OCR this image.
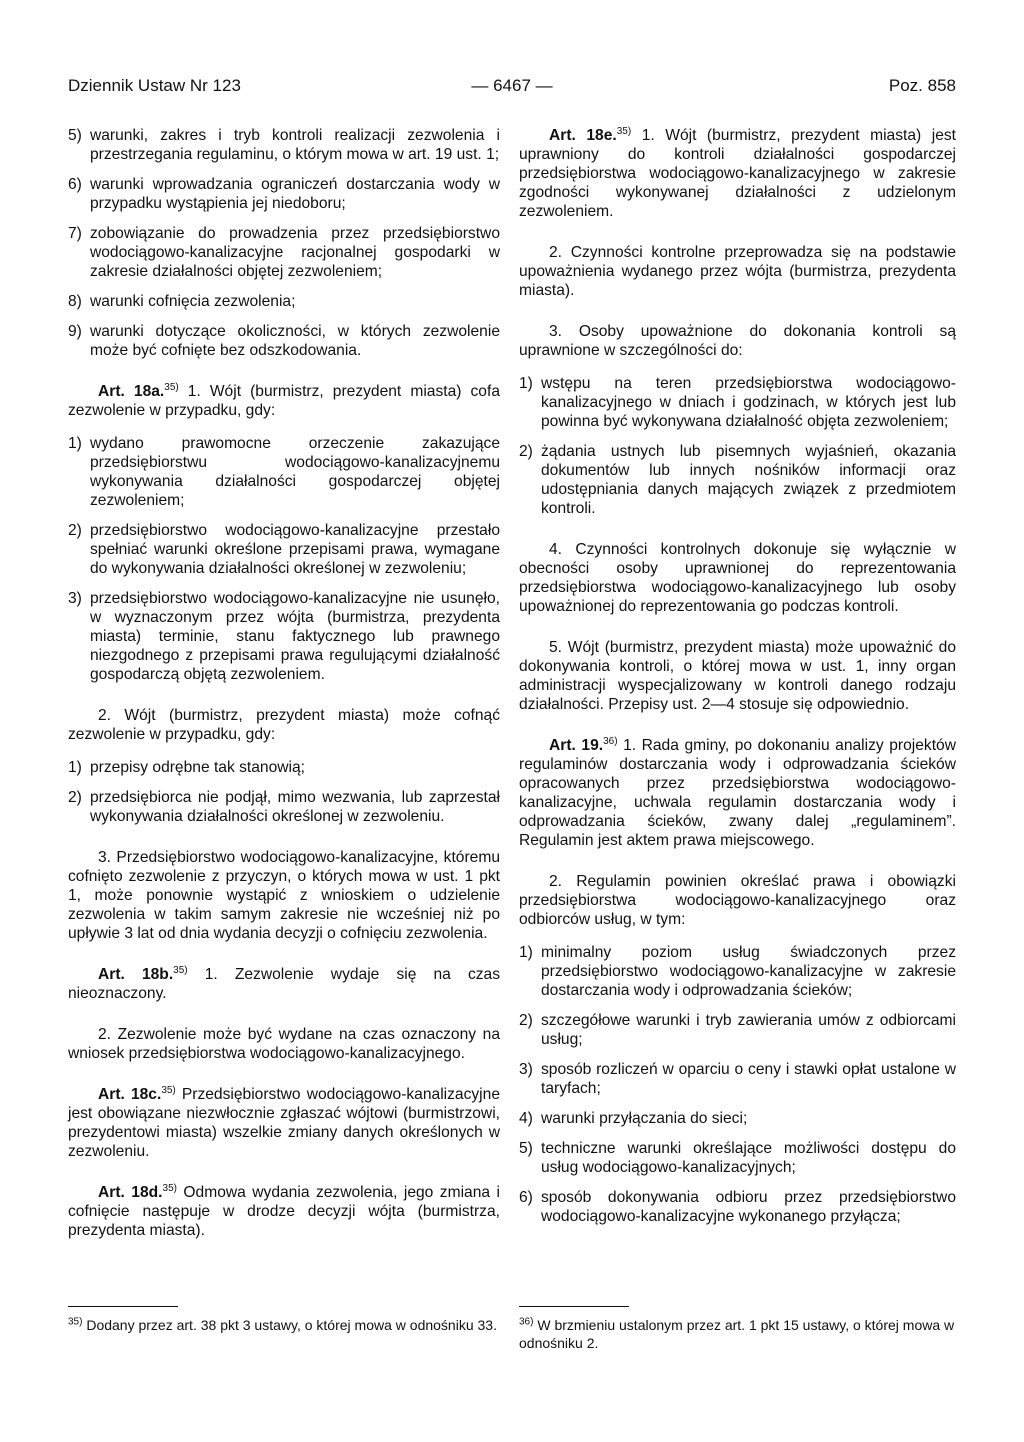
Dziennik Ustaw Nr 123	— 6467 —	Poz. 858
5) warunki, zakres i tryb kontroli realizacji zezwolenia i przestrzegania regulaminu, o którym mowa w art. 19 ust. 1;
6) warunki wprowadzania ograniczeń dostarczania wody w przypadku wystąpienia jej niedoboru;
7) zobowiązanie do prowadzenia przez przedsiębiorstwo wodociągowo-kanalizacyjne racjonalnej gospodarki w zakresie działalności objętej zezwoleniem;
8) warunki cofnięcia zezwolenia;
9) warunki dotyczące okoliczności, w których zezwolenie może być cofnięte bez odszkodowania.

Art. 18a.$^{35)}$ 1. Wójt (burmistrz, prezydent miasta) cofa zezwolenie w przypadku, gdy:

1) wydano prawomocne orzeczenie zakazujące przedsiębiorstwu wodociągowo-kanalizacyjnemu wykonywania działalności gospodarczej objętej zezwoleniem;
2) przedsiębiorstwo wodociągowo-kanalizacyjne przestało spełniać warunki określone przepisami prawa, wymagane do wykonywania działalności określonej w zezwoleniu;
3) przedsiębiorstwo wodociągowo-kanalizacyjne nie usunęło, w wyznaczonym przez wójta (burmistrza, prezydenta miasta) terminie, stanu faktycznego lub prawnego niezgodnego z przepisami prawa regulującymi działalność gospodarczą objętą zezwoleniem.

2. Wójt (burmistrz, prezydent miasta) może cofnąć zezwolenie w przypadku, gdy:

1) przepisy odrębne tak stanowią;
2) przedsiębiorca nie podjął, mimo wezwania, lub zaprzestał wykonywania działalności określonej w zezwoleniu.

3. Przedsiębiorstwo wodociągowo-kanalizacyjne, któremu cofnięto zezwolenie z przyczyn, o których mowa w ust. 1 pkt 1, może ponownie wystąpić z wnioskiem o udzielenie zezwolenia w takim samym zakresie nie wcześniej niż po upływie 3 lat od dnia wydania decyzji o cofnięciu zezwolenia.

Art. 18b.$^{35)}$ 1. Zezwolenie wydaje się na czas nieoznaczony.

2. Zezwolenie może być wydane na czas oznaczony na wniosek przedsiębiorstwa wodociągowo-kanalizacyjnego.

Art. 18c.$^{35)}$ Przedsiębiorstwo wodociągowo-kanalizacyjne jest obowiązane niezwłocznie zgłaszać wójtowi (burmistrzowi, prezydentowi miasta) wszelkie zmiany danych określonych w zezwoleniu.

Art. 18d.$^{35)}$ Odmowa wydania zezwolenia, jego zmiana i cofnięcie następuje w drodze decyzji wójta (burmistrza, prezydenta miasta).

Art. 18e.$^{35)}$ 1. Wójt (burmistrz, prezydent miasta) jest uprawniony do kontroli działalności gospodarczej przedsiębiorstwa wodociągowo-kanalizacyjnego w zakresie zgodności wykonywanej działalności z udzielonym zezwoleniem.

2. Czynności kontrolne przeprowadza się na podstawie upoważnienia wydanego przez wójta (burmistrza, prezydenta miasta).

3. Osoby upoważnione do dokonania kontroli są uprawnione w szczególności do:

1) wstępu na teren przedsiębiorstwa wodociągowo-kanalizacyjnego w dniach i godzinach, w których jest lub powinna być wykonywana działalność objęta zezwoleniem;
2) żądania ustnych lub pisemnych wyjaśnień, okazania dokumentów lub innych nośników informacji oraz udostępniania danych mających związek z przedmiotem kontroli.

4. Czynności kontrolnych dokonuje się wyłącznie w obecności osoby uprawnionej do reprezentowania przedsiębiorstwa wodociągowo-kanalizacyjnego lub osoby upoważnionej do reprezentowania go podczas kontroli.

5. Wójt (burmistrz, prezydent miasta) może upoważnić do dokonywania kontroli, o której mowa w ust. 1, inny organ administracji wyspecjalizowany w kontroli danego rodzaju działalności. Przepisy ust. 2—4 stosuje się odpowiednio.

Art. 19.$^{36)}$ 1. Rada gminy, po dokonaniu analizy projektów regulaminów dostarczania wody i odprowadzania ścieków opracowanych przez przedsiębiorstwa wodociągowo-kanalizacyjne, uchwala regulamin dostarczania wody i odprowadzania ścieków, zwany dalej „regulaminem”. Regulamin jest aktem prawa miejscowego.

2. Regulamin powinien określać prawa i obowiązki przedsiębiorstwa wodociągowo-kanalizacyjnego oraz odbiorców usług, w tym:

1) minimalny poziom usług świadczonych przez przedsiębiorstwo wodociągowo-kanalizacyjne w zakresie dostarczania wody i odprowadzania ścieków;
2) szczegółowe warunki i tryb zawierania umów z odbiorcami usług;
3) sposób rozliczeń w oparciu o ceny i stawki opłat ustalone w taryfach;
4) warunki przyłączania do sieci;
5) techniczne warunki określające możliwości dostępu do usług wodociągowo-kanalizacyjnych;
6) sposób dokonywania odbioru przez przedsiębiorstwo wodociągowo-kanalizacyjne wykonanego przyłącza;
$^{35)}$ Dodany przez art. 38 pkt 3 ustawy, o której mowa w odnośniku 33.	$^{36)}$ W brzmieniu ustalonym przez art. 1 pkt 15 ustawy, o której mowa w odnośniku 2.
